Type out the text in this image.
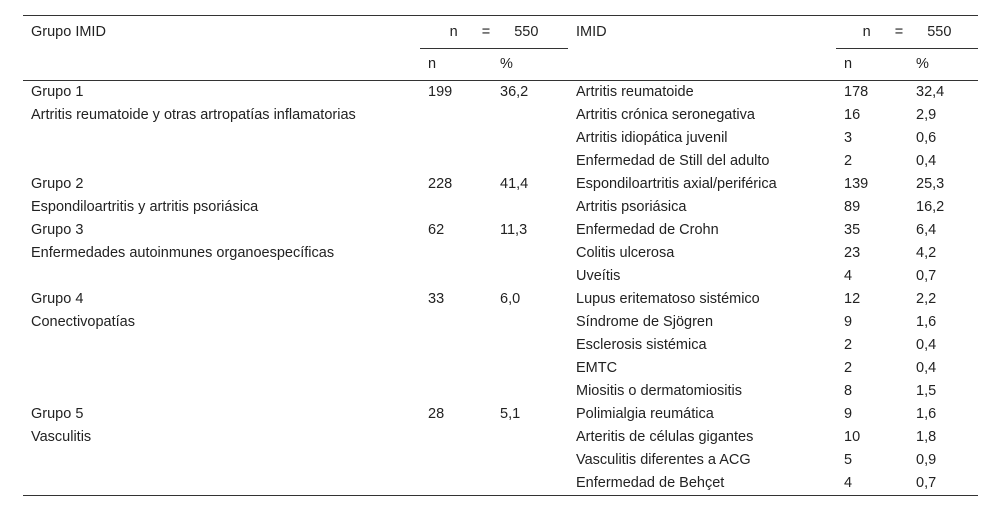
Grupo IMID	n = 550		IMID	n = 550	
	n	%		n	%
Grupo 1	199	36,2	Artritis reumatoide	178	32,4
Artritis reumatoide y otras artropatías inflamatorias			Artritis crónica seronegativa	16	2,9
			Artritis idiopática juvenil	3	0,6
			Enfermedad de Still del adulto	2	0,4
Grupo 2	228	41,4	Espondiloartritis axial/periférica	139	25,3
Espondiloartritis y artritis psoriásica			Artritis psoriásica	89	16,2
Grupo 3	62	11,3	Enfermedad de Crohn	35	6,4
Enfermedades autoinmunes organoespecíficas			Colitis ulcerosa	23	4,2
			Uveítis	4	0,7
Grupo 4	33	6,0	Lupus eritematoso sistémico	12	2,2
Conectivopatías			Síndrome de Sjögren	9	1,6
			Esclerosis sistémica	2	0,4
			EMTC	2	0,4
			Miositis o dermatomiositis	8	1,5
Grupo 5	28	5,1	Polimialgia reumática	9	1,6
Vasculitis			Arteritis de células gigantes	10	1,8
			Vasculitis diferentes a ACG	5	0,9
			Enfermedad de Behçet	4	0,7
